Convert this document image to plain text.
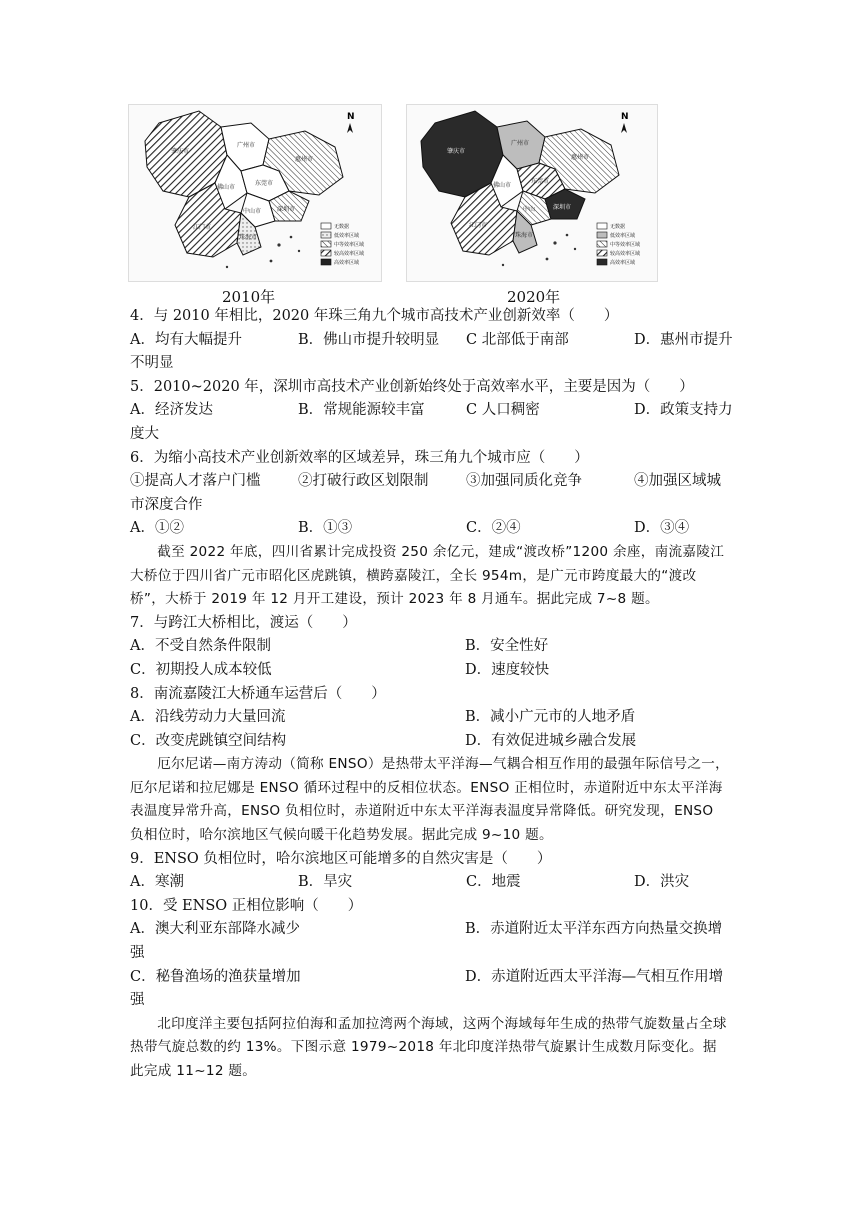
N
肇庆市
佛山市
广州市
惠州市
东莞市
中山市	深圳市
江门市
珠海市
无数据
低效率区域
中等效率区域
较高效率区域
高效率区域
N
肇庆市
广州市
佛山市
惠州市
东莞市
江门市
中山	深圳市
珠海市
无数据
低效率区域
中等效率区域
较高效率区域
高效率区域
2010年	2020年
4．与 2010 年相比，2020 年珠三角九个城市高技术产业创新效率（　　）
A．均有大幅提升	B．佛山市提升较明显	C 北部低于南部	D．惠州市提升
不明显
5．2010~2020 年，深圳市高技术产业创新始终处于高效率水平，主要是因为（　　）
A．经济发达	B．常规能源较丰富	C 人口稠密	D．政策支持力
度大
6．为缩小高技术产业创新效率的区域差异，珠三角九个城市应（　　）
①提高人才落户门槛	②打破行政区划限制	③加强同质化竞争	④加强区域城
市深度合作
A．①②	B．①③	C．②④	D．③④
截至 2022 年底，四川省累计完成投资 250 余亿元，建成“渡改桥”1200 余座，南流嘉陵江大桥位于四川省广元市昭化区虎跳镇，横跨嘉陵江，全长 954m，是广元市跨度最大的“渡改桥”，大桥于 2019 年 12 月开工建设，预计 2023 年 8 月通车。据此完成 7~8 题。
7．与跨江大桥相比，渡运（　　）
A．不受自然条件限制	B．安全性好
C．初期投人成本较低	D．速度较快
8．南流嘉陵江大桥通车运营后（　　）
A．沿线劳动力大量回流	B．减小广元市的人地矛盾
C．改变虎跳镇空间结构	D．有效促进城乡融合发展
厄尔尼诺—南方涛动（简称 ENSO）是热带太平洋海—气耦合相互作用的最强年际信号之一，厄尔尼诺和拉尼娜是 ENSO 循环过程中的反相位状态。ENSO 正相位时，赤道附近中东太平洋海表温度异常升高，ENSO 负相位时，赤道附近中东太平洋海表温度异常降低。研究发现，ENSO 负相位时，哈尔滨地区气候向暖干化趋势发展。据此完成 9~10 题。
9．ENSO 负相位时，哈尔滨地区可能增多的自然灾害是（　　）
A．寒潮	B．旱灾	C．地震	D．洪灾
10．受 ENSO 正相位影响（　　）
A．澳大利亚东部降水减少	B．赤道附近太平洋东西方向热量交换增
强
C．秘鲁渔场的渔获量增加	D．赤道附近西太平洋海—气相互作用增
强
北印度洋主要包括阿拉伯海和孟加拉湾两个海域，这两个海域每年生成的热带气旋数量占全球热带气旋总数的约 13%。下图示意 1979~2018 年北印度洋热带气旋累计生成数月际变化。据此完成 11~12 题。
